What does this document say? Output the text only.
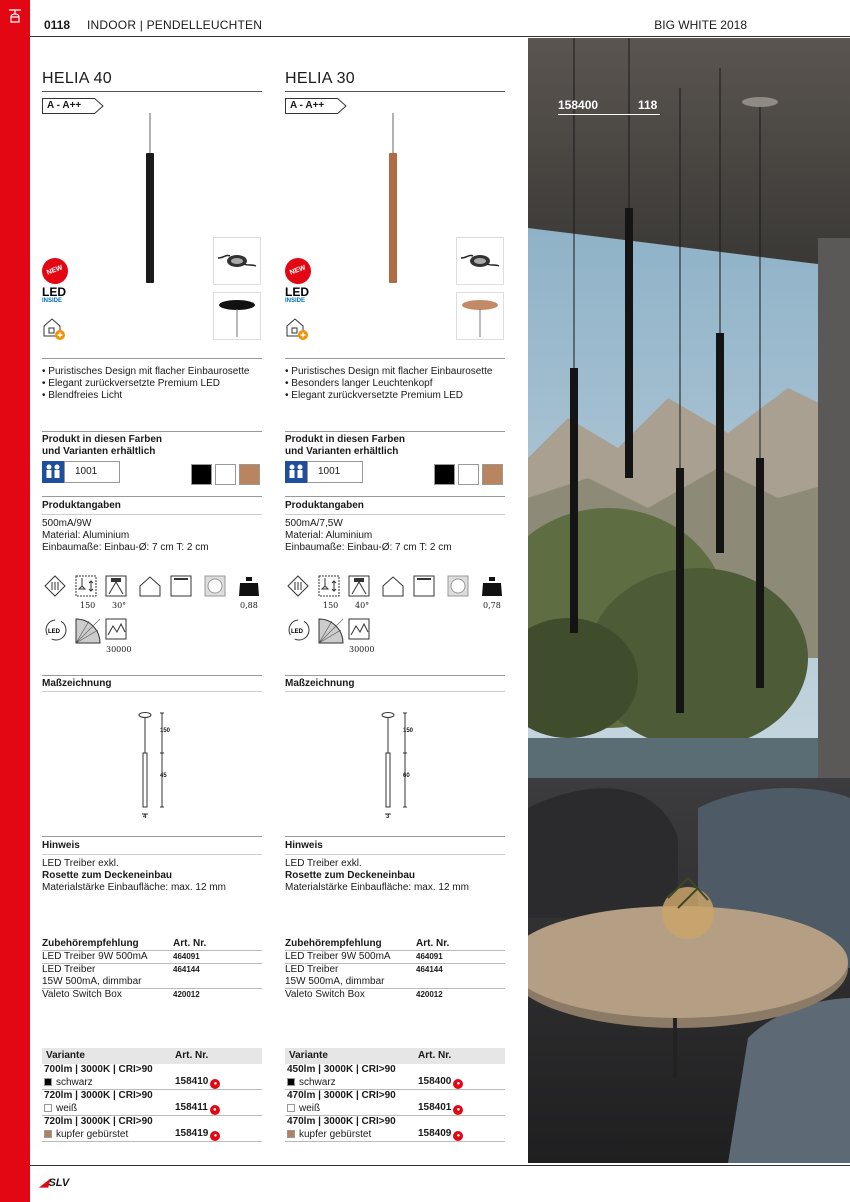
0118 INDOOR | PENDELLEUCHTEN	BIG WHITE 2018
HELIA 40
A - A++
NEW
LED
INSIDE
• Puristisches Design mit flacher Einbaurosette
• Elegant zurückversetzte Premium LED
• Blendfreies Licht
Produkt in diesen Farben
und Varianten erhältlich
1001
Produktangaben
500mA/9W
Material: Aluminium
Einbaumaße: Einbau-Ø: 7 cm T: 2 cm
150 30°	0,88
LED
30000
Maßzeichnung
150
45
4
Hinweis
LED Treiber exkl.
Rosette zum Deckeneinbau
Materialstärke Einbaufläche: max. 12 mm
Zubehörempfehlung	Art. Nr.
LED Treiber 9W 500mA	464091
LED Treiber
15W 500mA, dimmbar
464144
Valeto Switch Box	420012
Variante	Art. Nr.
700lm | 3000K | CRI>90
schwarz	158410 ●
720lm | 3000K | CRI>90
weiß	158411 ●
720lm | 3000K | CRI>90
kupfer gebürstet	158419 ●
HELIA 30
A - A++
NEW
LED
INSIDE
• Puristisches Design mit flacher Einbaurosette
• Besonders langer Leuchtenkopf
• Elegant zurückversetzte Premium LED
Produkt in diesen Farben
und Varianten erhältlich
1001
Produktangaben
500mA/7,5W
Material: Aluminium
Einbaumaße: Einbau-Ø: 7 cm T: 2 cm
150 40°	0,78
LED
30000
Maßzeichnung
150
60
3
Hinweis
LED Treiber exkl.
Rosette zum Deckeneinbau
Materialstärke Einbaufläche: max. 12 mm
Zubehörempfehlung	Art. Nr.
LED Treiber 9W 500mA	464091
LED Treiber
15W 500mA, dimmbar
464144
Valeto Switch Box	420012
Variante	Art. Nr.
450lm | 3000K | CRI>90
schwarz	158400 ●
470lm | 3000K | CRI>90
weiß	158401 ●
470lm | 3000K | CRI>90
kupfer gebürstet	158409 ●
158400	118
◢SLV
